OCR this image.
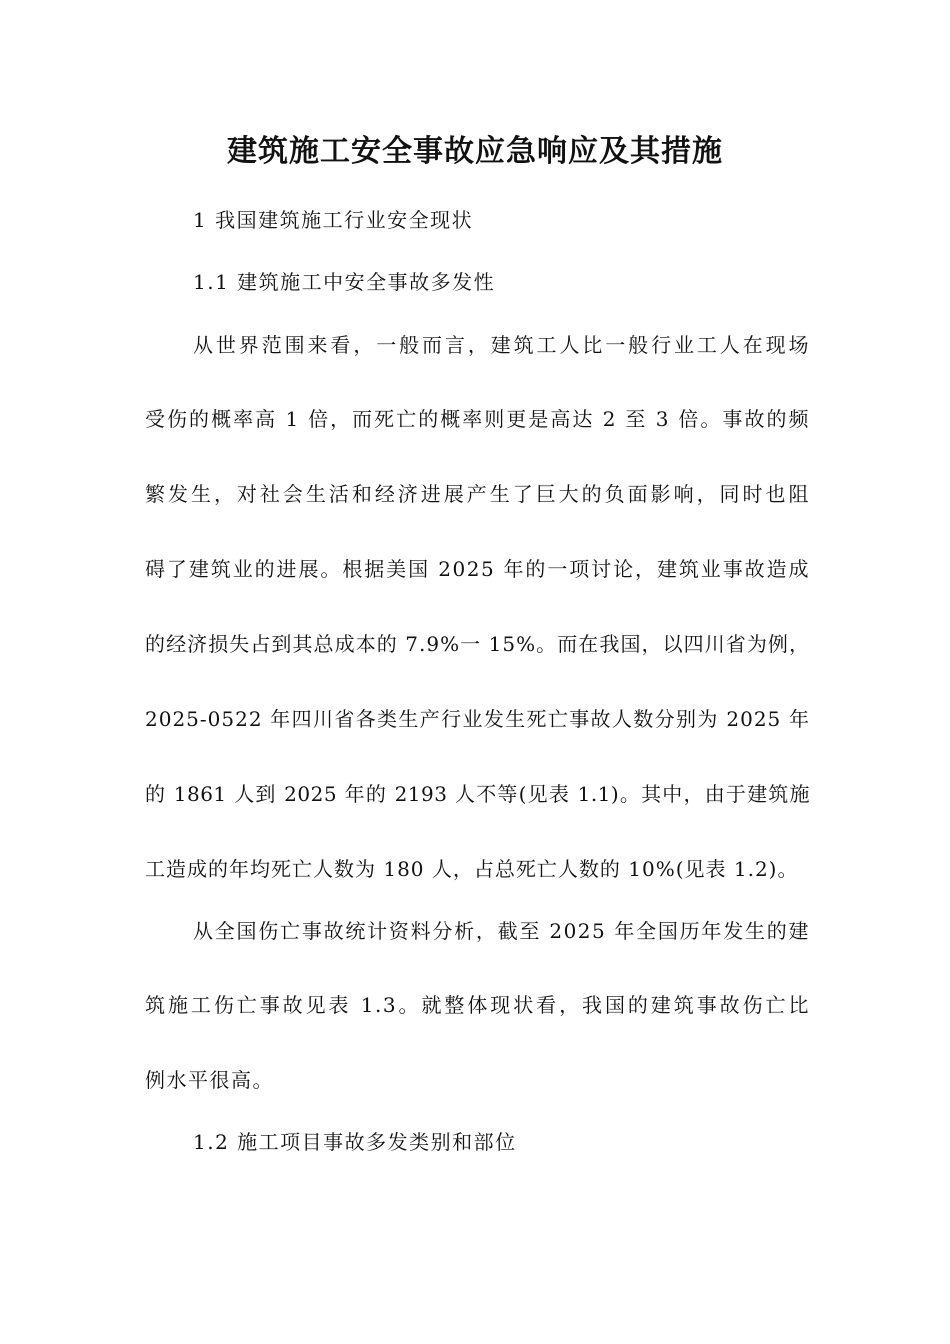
建筑施工安全事故应急响应及其措施
1 我国建筑施工行业安全现状
1.1 建筑施工中安全事故多发性
从世界范围来看，一般而言，建筑工人比一般行业工人在现场
受伤的概率高 1 倍，而死亡的概率则更是高达 2 至 3 倍。事故的频
繁发生，对社会生活和经济进展产生了巨大的负面影响，同时也阻
碍了建筑业的进展。根据美国 2025 年的一项讨论，建筑业事故造成
的经济损失占到其总成本的 7.9%一 15%。而在我国，以四川省为例，
2025-0522 年四川省各类生产行业发生死亡事故人数分别为 2025 年
的 1861 人到 2025 年的 2193 人不等(见表 1.1)。其中，由于建筑施
工造成的年均死亡人数为 180 人，占总死亡人数的 10%(见表 1.2)。
从全国伤亡事故统计资料分析，截至 2025 年全国历年发生的建
筑施工伤亡事故见表 1.3。就整体现状看，我国的建筑事故伤亡比
例水平很高。
1.2 施工项目事故多发类别和部位
